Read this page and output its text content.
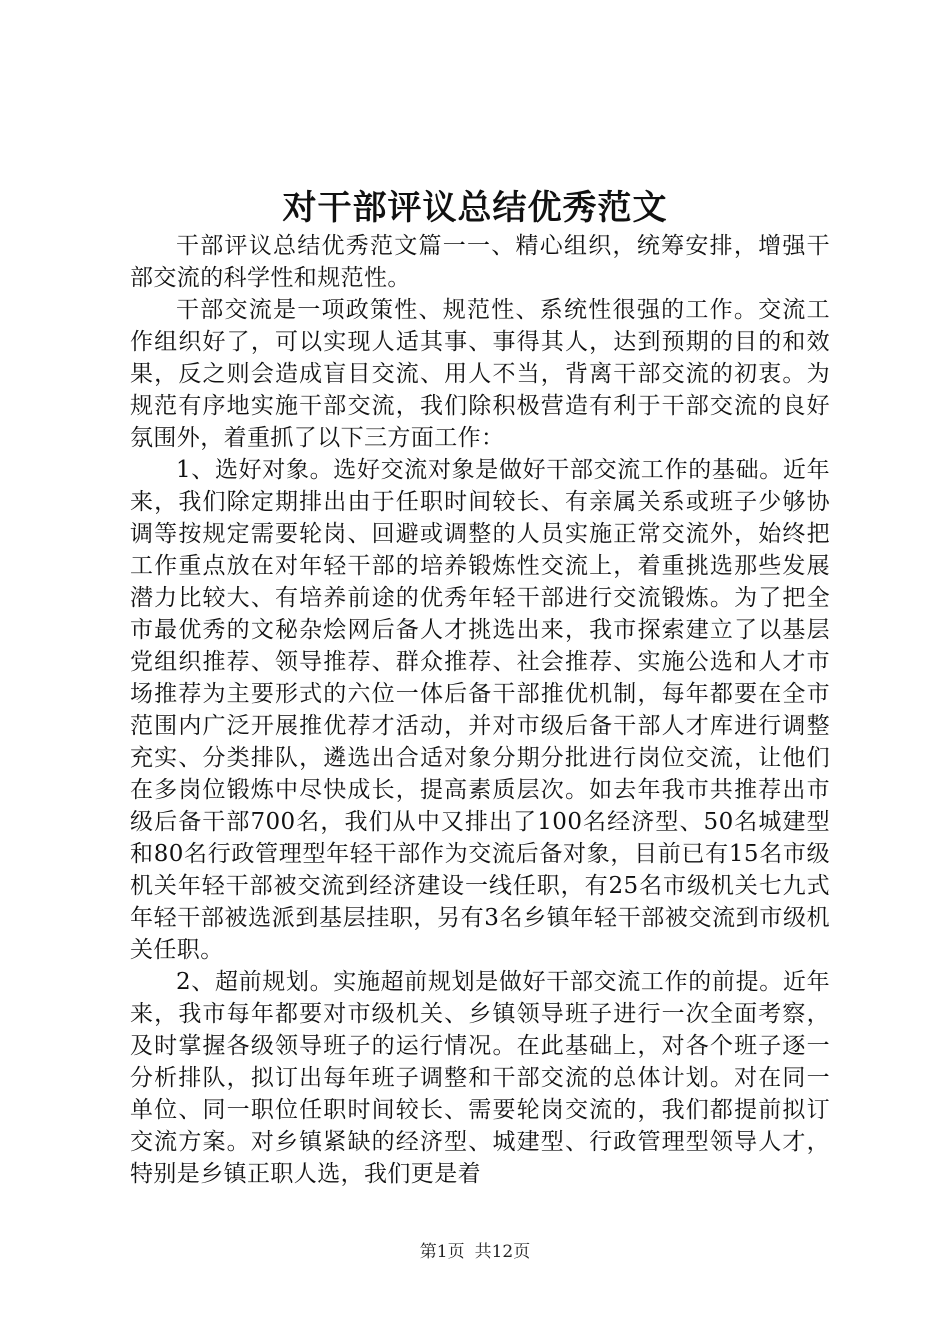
对干部评议总结优秀范文

干部评议总结优秀范文篇一一、精心组织，统筹安排，增强干部交流的科学性和规范性。

干部交流是一项政策性、规范性、系统性很强的工作。交流工作组织好了，可以实现人适其事、事得其人，达到预期的目的和效果，反之则会造成盲目交流、用人不当，背离干部交流的初衷。为规范有序地实施干部交流，我们除积极营造有利于干部交流的良好氛围外，着重抓了以下三方面工作：

1、选好对象。选好交流对象是做好干部交流工作的基础。近年来，我们除定期排出由于任职时间较长、有亲属关系或班子少够协调等按规定需要轮岗、回避或调整的人员实施正常交流外，始终把工作重点放在对年轻干部的培养锻炼性交流上，着重挑选那些发展潜力比较大、有培养前途的优秀年轻干部进行交流锻炼。为了把全市最优秀的文秘杂烩网后备人才挑选出来，我市探索建立了以基层党组织推荐、领导推荐、群众推荐、社会推荐、实施公选和人才市场推荐为主要形式的六位一体后备干部推优机制，每年都要在全市范围内广泛开展推优荐才活动，并对市级后备干部人才库进行调整充实、分类排队，遴选出合适对象分期分批进行岗位交流，让他们在多岗位锻炼中尽快成长，提高素质层次。如去年我市共推荐出市级后备干部700名，我们从中又排出了100名经济型、50名城建型和80名行政管理型年轻干部作为交流后备对象，目前已有15名市级机关年轻干部被交流到经济建设一线任职，有25名市级机关七九式年轻干部被选派到基层挂职，另有3名乡镇年轻干部被交流到市级机关任职。

2、超前规划。实施超前规划是做好干部交流工作的前提。近年来，我市每年都要对市级机关、乡镇领导班子进行一次全面考察，及时掌握各级领导班子的运行情况。在此基础上，对各个班子逐一分析排队，拟订出每年班子调整和干部交流的总体计划。对在同一单位、同一职位任职时间较长、需要轮岗交流的，我们都提前拟订交流方案。对乡镇紧缺的经济型、城建型、行政管理型领导人才，特别是乡镇正职人选，我们更是着

第1页 共12页
